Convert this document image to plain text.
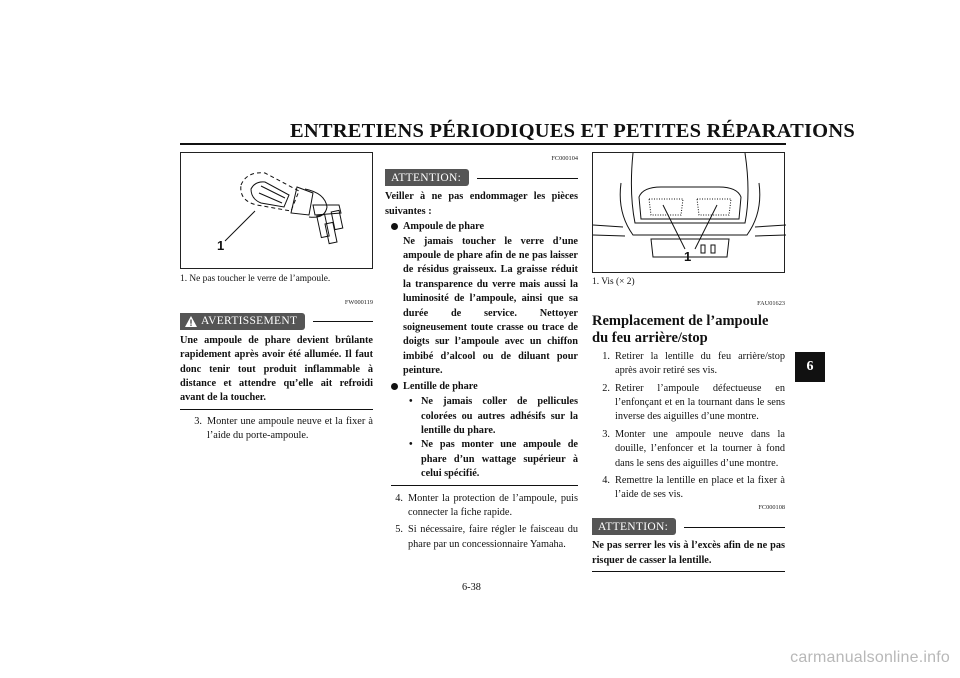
ENTRETIENS PÉRIODIQUES ET PETITES RÉPARATIONS
6
1
1. Ne pas toucher le verre de l’ampoule.
FW000119
AVERTISSEMENT
Une ampoule de phare devient brûlante rapidement après avoir été allumée. Il faut donc tenir tout produit inflammable à distance et attendre qu’elle ait refroidi avant de la toucher.
3. Monter une ampoule neuve et la fixer à l’aide du porte-ampoule.
FC000104
ATTENTION:
Veiller à ne pas endommager les pièces suivantes :
Ampoule de phare
Ne jamais toucher le verre d’une ampoule de phare afin de ne pas laisser de résidus graisseux. La graisse réduit la transparence du verre mais aussi la luminosité de l’ampoule, ainsi que sa durée de service. Nettoyer soigneusement toute crasse ou trace de doigts sur l’ampoule avec un chiffon imbibé d’alcool ou de diluant pour peinture.
Lentille de phare
• Ne jamais coller de pellicules colorées ou autres adhésifs sur la lentille du phare.
• Ne pas monter une ampoule de phare d’un wattage supérieur à celui spécifié.
4. Monter la protection de l’ampoule, puis connecter la fiche rapide.
5. Si nécessaire, faire régler le faisceau du phare par un concessionnaire Yamaha.
1
1. Vis (× 2)
FAU01623
Remplacement de l’ampoule du feu arrière/stop
1. Retirer la lentille du feu arrière/stop après avoir retiré ses vis.
2. Retirer l’ampoule défectueuse en l’enfonçant et en la tournant dans le sens inverse des aiguilles d’une montre.
3. Monter une ampoule neuve dans la douille, l’enfoncer et la tourner à fond dans le sens des aiguilles d’une montre.
4. Remettre la lentille en place et la fixer à l’aide de ses vis.
FC000108
ATTENTION:
Ne pas serrer les vis à l’excès afin de ne pas risquer de casser la lentille.
6-38
carmanualsonline.info
